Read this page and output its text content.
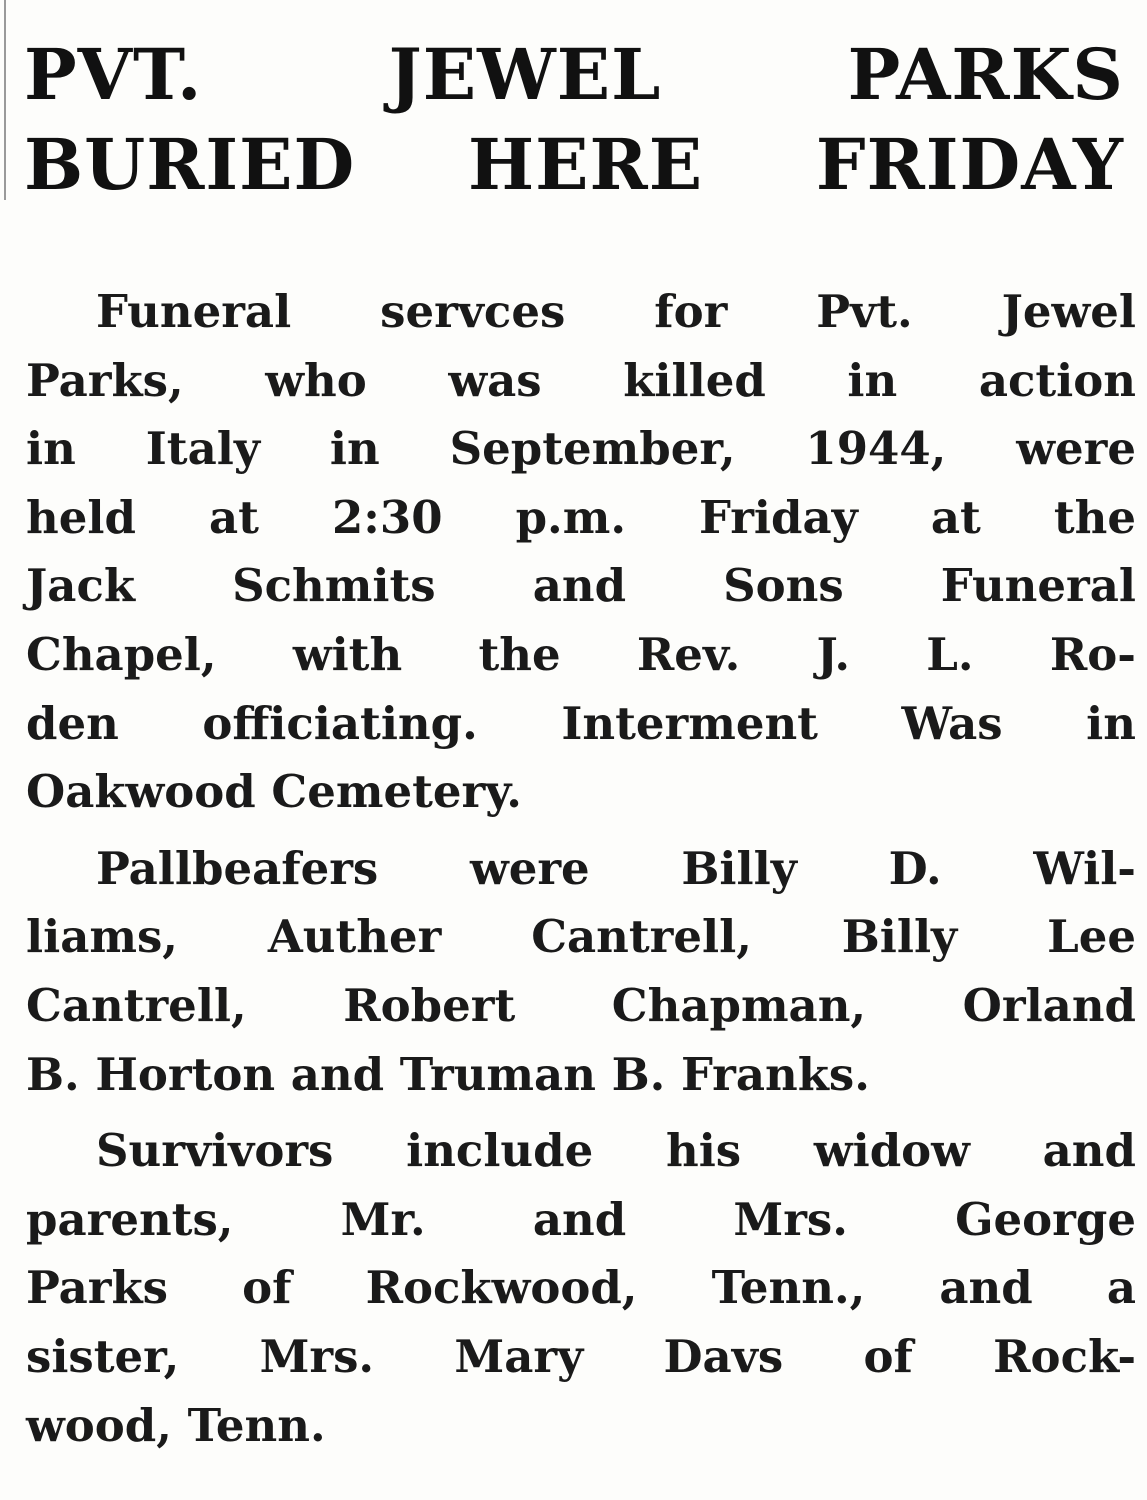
PVT. JEWEL PARKS
BURIED HERE FRIDAY

Funeral servces for Pvt. Jewel
Parks, who was killed in action
in Italy in September, 1944, were
held at 2:30 p.m. Friday at the
Jack Schmits and Sons Funeral
Chapel, with the Rev. J. L. Ro-
den officiating. Interment Was in
Oakwood Cemetery.

Pallbeafers were Billy D. Wil-
liams, Auther Cantrell, Billy Lee
Cantrell, Robert Chapman, Orland
B. Horton and Truman B. Franks.

Survivors include his widow and
parents, Mr. and Mrs. George
Parks of Rockwood, Tenn., and a
sister, Mrs. Mary Davs of Rock-
wood, Tenn.
